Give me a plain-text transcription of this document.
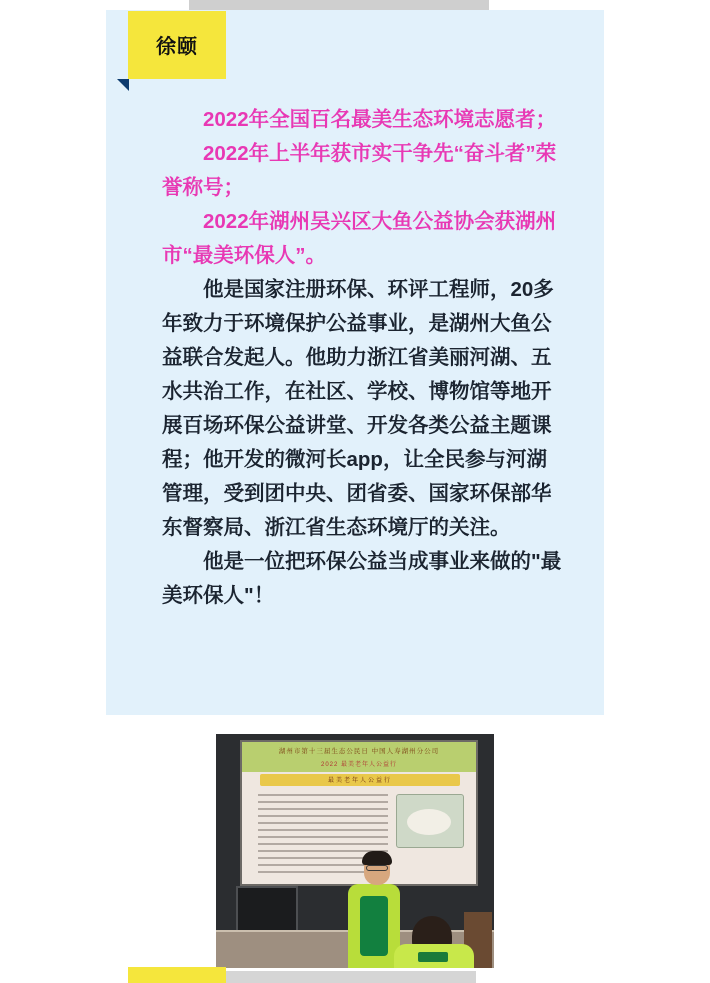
徐颐

2022年全国百名最美生态环境志愿者；

2022年上半年获市实干争先“奋斗者”荣誉称号；

2022年湖州吴兴区大鱼公益协会获湖州市“最美环保人”。

他是国家注册环保、环评工程师，20多年致力于环境保护公益事业，是湖州大鱼公益联合发起人。他助力浙江省美丽河湖、五水共治工作，在社区、学校、博物馆等地开展百场环保公益讲堂、开发各类公益主题课程；他开发的微河长app，让全民参与河湖管理，受到团中央、团省委、国家环保部华东督察局、浙江省生态环境厅的关注。

他是一位把环保公益当成事业来做的"最美环保人"！

湖州市第十三届生态公民日 中国人寿湖州分公司
2022 最美老年人公益行
最美老年人公益行
